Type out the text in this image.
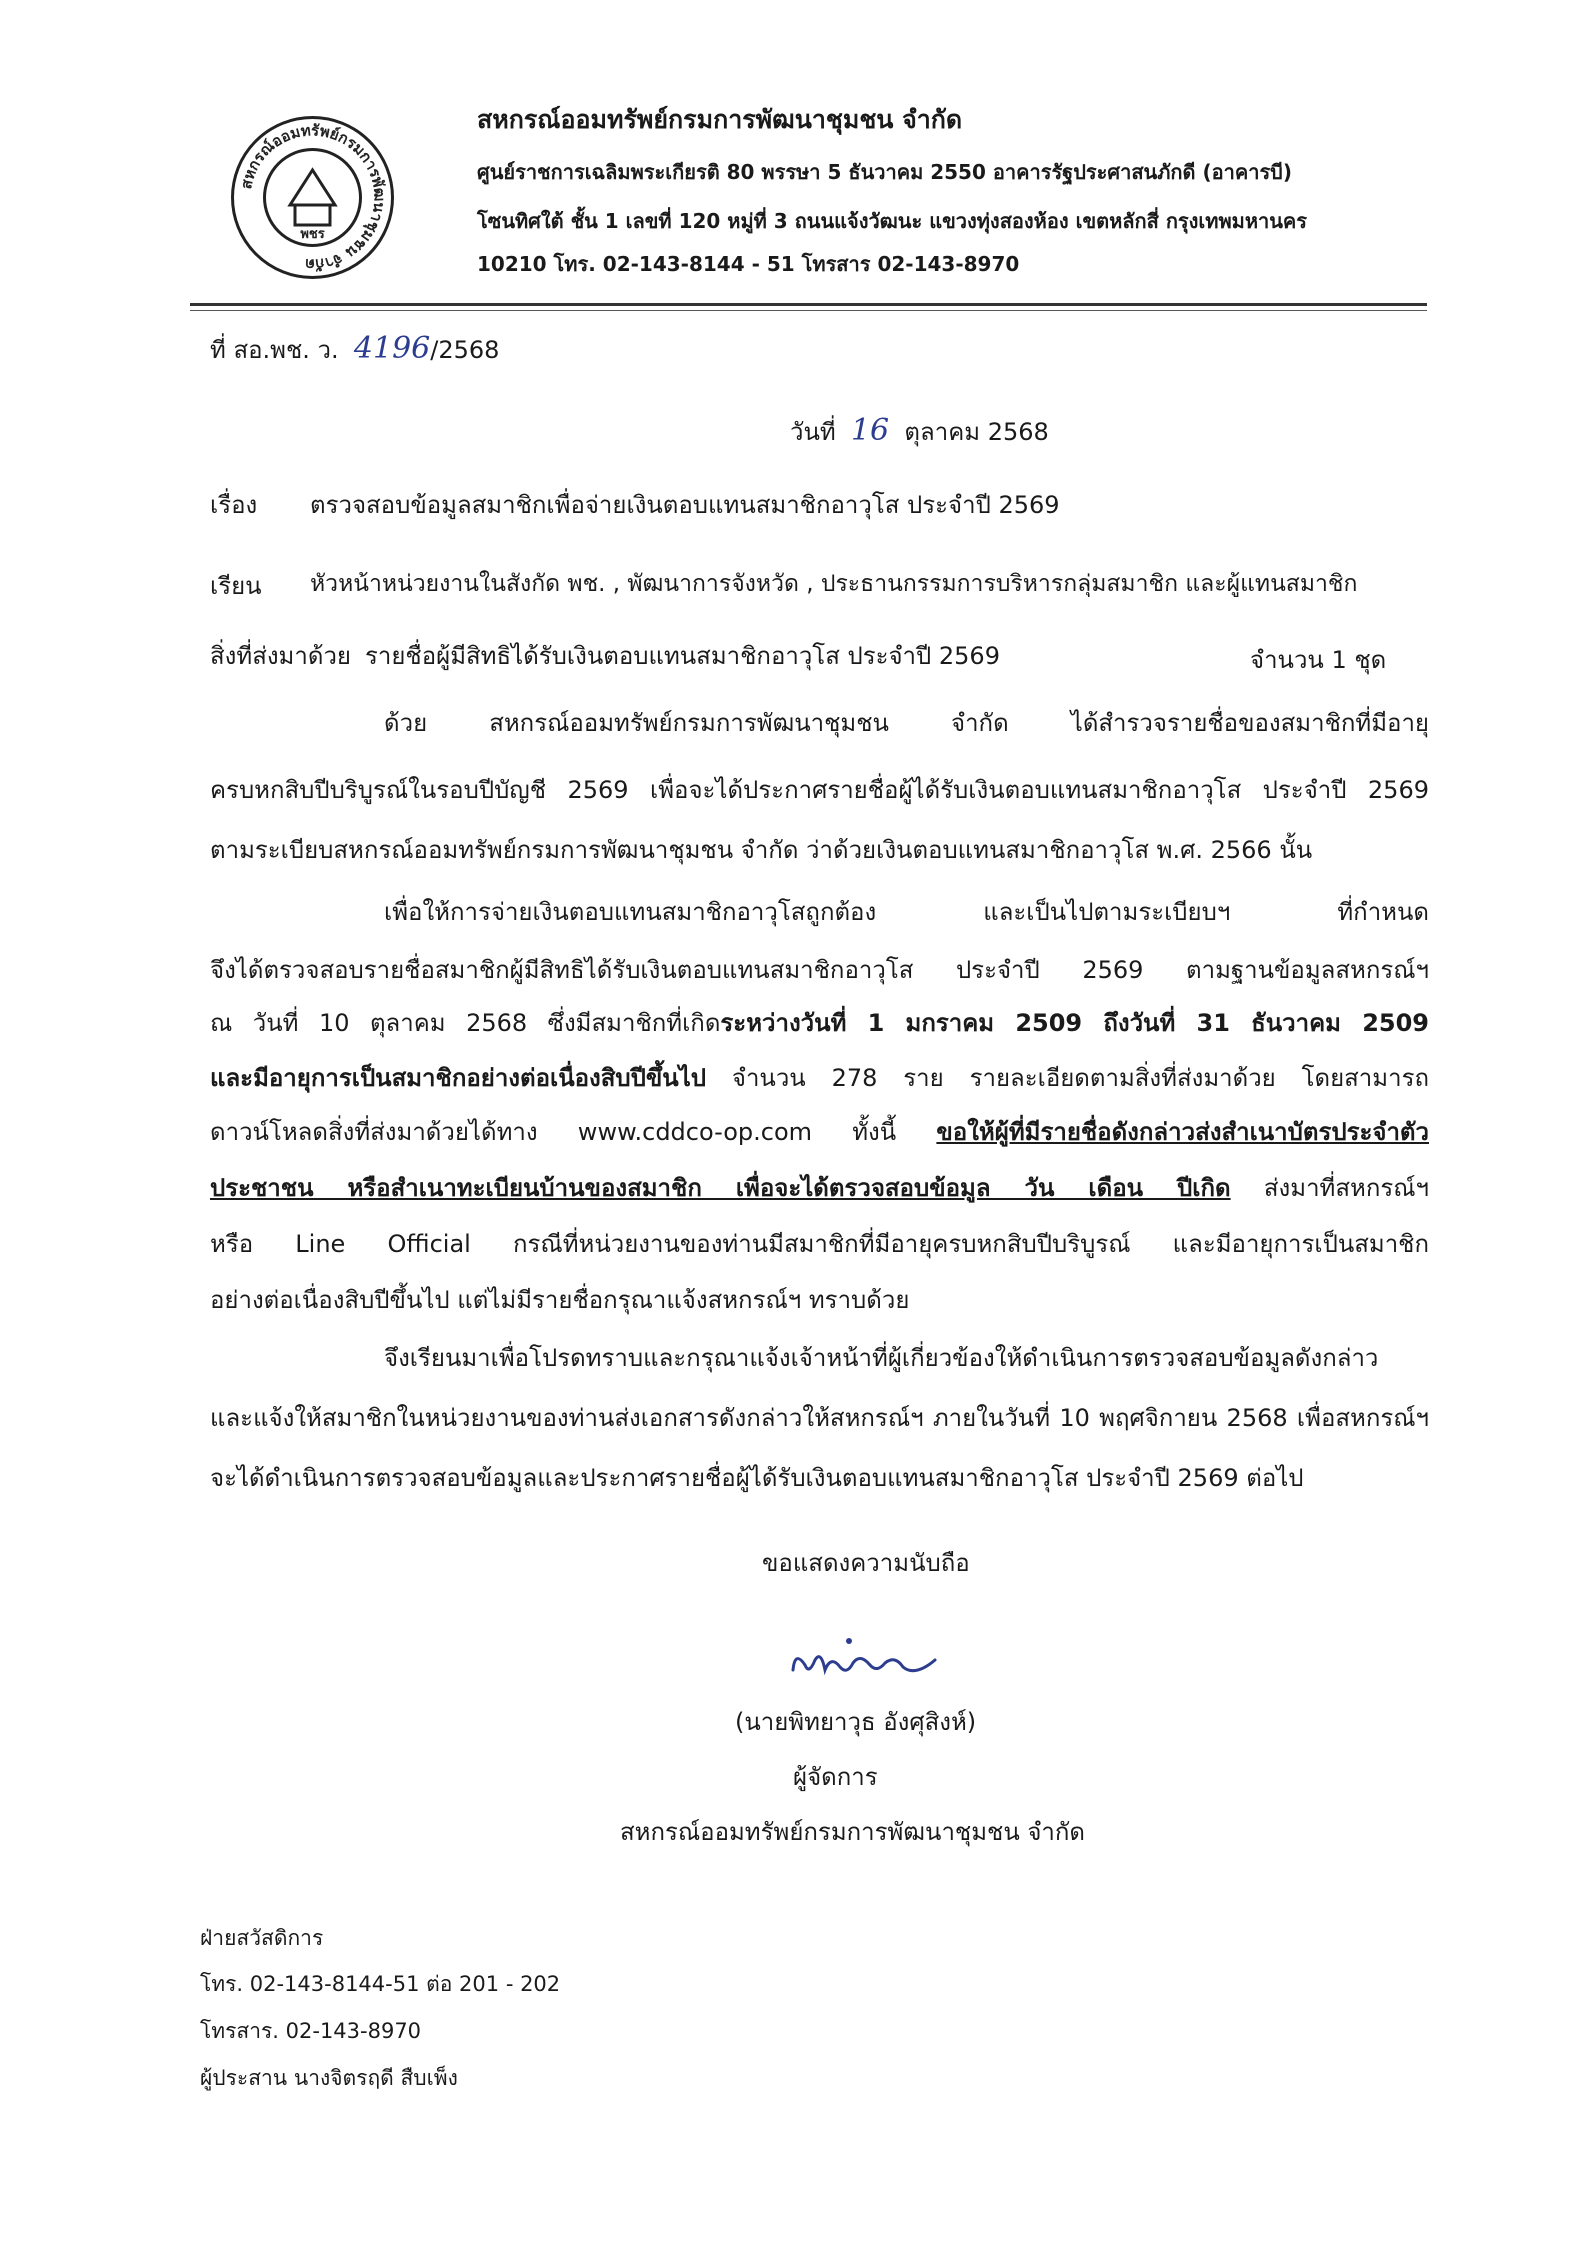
สหกรณ์ออมทรัพย์กรมการพัฒนาชุมชน จำกัด
พชร
สหกรณ์ออมทรัพย์กรมการพัฒนาชุมชน จำกัด
ศูนย์ราชการเฉลิมพระเกียรติ 80 พรรษา 5 ธันวาคม 2550 อาคารรัฐประศาสนภักดี (อาคารบี)
โซนทิศใต้ ชั้น 1 เลขที่ 120 หมู่ที่ 3 ถนนแจ้งวัฒนะ แขวงทุ่งสองห้อง เขตหลักสี่ กรุงเทพมหานคร
10210 โทร. 02-143-8144 - 51 โทรสาร 02-143-8970
ที่ สอ.พช. ว. 4196/2568
วันที่ 16 ตุลาคม 2568
เรื่อง ตรวจสอบข้อมูลสมาชิกเพื่อจ่ายเงินตอบแทนสมาชิกอาวุโส ประจำปี 2569
เรียน หัวหน้าหน่วยงานในสังกัด พช. , พัฒนาการจังหวัด , ประธานกรรมการบริหารกลุ่มสมาชิก และผู้แทนสมาชิก
สิ่งที่ส่งมาด้วย รายชื่อผู้มีสิทธิได้รับเงินตอบแทนสมาชิกอาวุโส ประจำปี 2569	จำนวน 1 ชุด
ด้วย สหกรณ์ออมทรัพย์กรมการพัฒนาชุมชน จำกัด ได้สำรวจรายชื่อของสมาชิกที่มีอายุ
ครบหกสิบปีบริบูรณ์ในรอบปีบัญชี 2569 เพื่อจะได้ประกาศรายชื่อผู้ได้รับเงินตอบแทนสมาชิกอาวุโส ประจำปี 2569
ตามระเบียบสหกรณ์ออมทรัพย์กรมการพัฒนาชุมชน จำกัด ว่าด้วยเงินตอบแทนสมาชิกอาวุโส พ.ศ. 2566 นั้น
เพื่อให้การจ่ายเงินตอบแทนสมาชิกอาวุโสถูกต้อง และเป็นไปตามระเบียบฯ ที่กำหนด
จึงได้ตรวจสอบรายชื่อสมาชิกผู้มีสิทธิได้รับเงินตอบแทนสมาชิกอาวุโส ประจำปี 2569 ตามฐานข้อมูลสหกรณ์ฯ
ณ วันที่ 10 ตุลาคม 2568 ซึ่งมีสมาชิกที่เกิดระหว่างวันที่ 1 มกราคม 2509 ถึงวันที่ 31 ธันวาคม 2509
และมีอายุการเป็นสมาชิกอย่างต่อเนื่องสิบปีขึ้นไป จำนวน 278 ราย รายละเอียดตามสิ่งที่ส่งมาด้วย โดยสามารถ
ดาวน์โหลดสิ่งที่ส่งมาด้วยได้ทาง www.cddco-op.com ทั้งนี้ ขอให้ผู้ที่มีรายชื่อดังกล่าวส่งสำเนาบัตรประจำตัว
ประชาชน หรือสำเนาทะเบียนบ้านของสมาชิก เพื่อจะได้ตรวจสอบข้อมูล วัน เดือน ปีเกิด ส่งมาที่สหกรณ์ฯ
หรือ Line Official กรณีที่หน่วยงานของท่านมีสมาชิกที่มีอายุครบหกสิบปีบริบูรณ์ และมีอายุการเป็นสมาชิก
อย่างต่อเนื่องสิบปีขึ้นไป แต่ไม่มีรายชื่อกรุณาแจ้งสหกรณ์ฯ ทราบด้วย
จึงเรียนมาเพื่อโปรดทราบและกรุณาแจ้งเจ้าหน้าที่ผู้เกี่ยวข้องให้ดำเนินการตรวจสอบข้อมูลดังกล่าว
และแจ้งให้สมาชิกในหน่วยงานของท่านส่งเอกสารดังกล่าวให้สหกรณ์ฯ ภายในวันที่ 10 พฤศจิกายน 2568 เพื่อสหกรณ์ฯ
จะได้ดำเนินการตรวจสอบข้อมูลและประกาศรายชื่อผู้ได้รับเงินตอบแทนสมาชิกอาวุโส ประจำปี 2569 ต่อไป
ขอแสดงความนับถือ
(นายพิทยาวุธ อังศุสิงห์)
ผู้จัดการ
สหกรณ์ออมทรัพย์กรมการพัฒนาชุมชน จำกัด
ฝ่ายสวัสดิการ
โทร. 02-143-8144-51 ต่อ 201 - 202
โทรสาร. 02-143-8970
ผู้ประสาน นางจิตรฤดี สืบเพ็ง
